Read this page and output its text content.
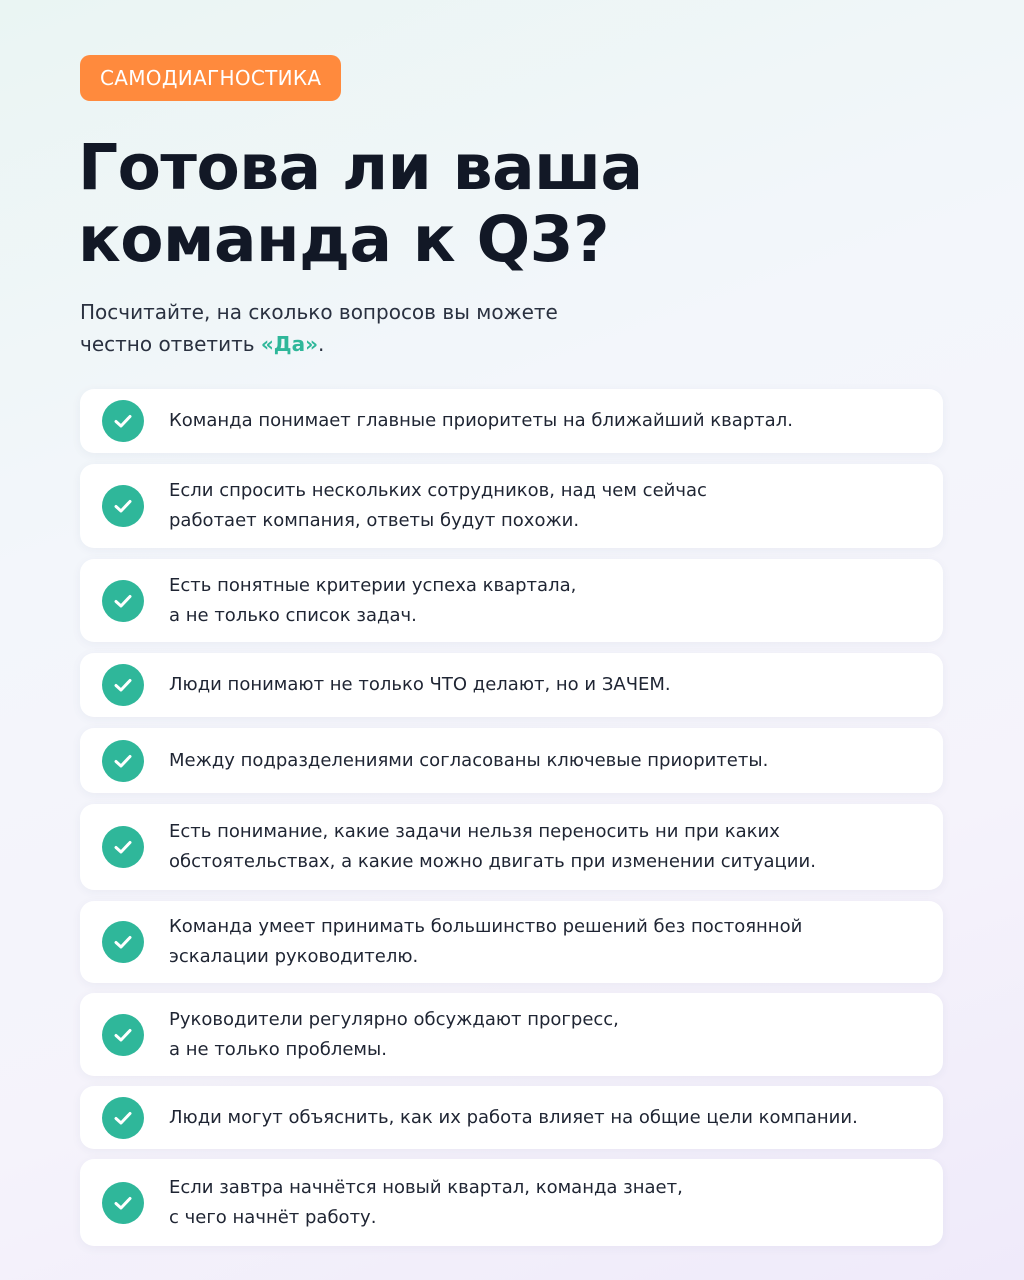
САМОДИАГНОСТИКА
Готова ли ваша
команда к Q3?

Посчитайте, на сколько вопросов вы можете
честно ответить «Да».

Команда понимает главные приоритеты на ближайший квартал.
Если спросить нескольких сотрудников, над чем сейчас
работает компания, ответы будут похожи.
Есть понятные критерии успеха квартала,
а не только список задач.
Люди понимают не только ЧТО делают, но и ЗАЧЕМ.
Между подразделениями согласованы ключевые приоритеты.
Есть понимание, какие задачи нельзя переносить ни при каких
обстоятельствах, а какие можно двигать при изменении ситуации.
Команда умеет принимать большинство решений без постоянной
эскалации руководителю.
Руководители регулярно обсуждают прогресс,
а не только проблемы.
Люди могут объяснить, как их работа влияет на общие цели компании.
Если завтра начнётся новый квартал, команда знает,
с чего начнёт работу.
